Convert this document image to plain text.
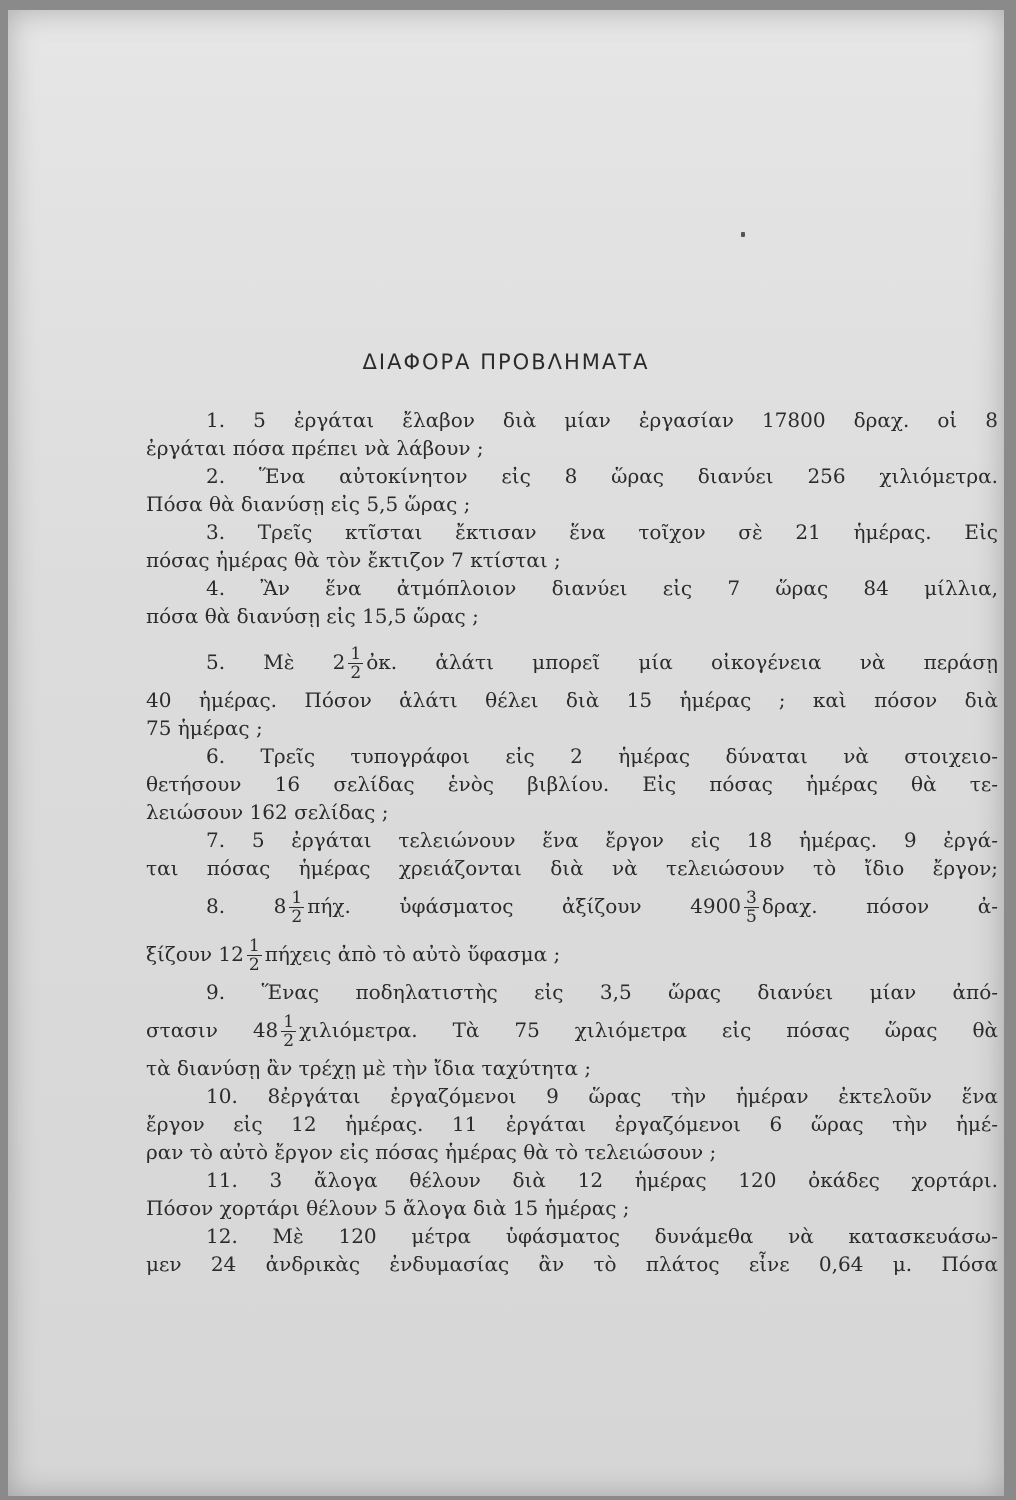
ΔΙΑΦΟΡΑ ΠΡΟΒΛΗΜΑΤΑ
1. 5 ἐργάται ἔλαβον διὰ μίαν ἐργασίαν 17800 δραχ. οἱ 8
ἐργάται πόσα πρέπει νὰ λάβουν ;
2. Ἕνα αὐτοκίνητον εἰς 8 ὥρας διανύει 256 χιλιόμετρα.
Πόσα θὰ διανύσῃ εἰς 5,5 ὥρας ;
3. Τρεῖς κτῖσται ἔκτισαν ἕνα τοῖχον σὲ 21 ἡμέρας. Εἰς
πόσας ἡμέρας θὰ τὸν ἔκτιζον 7 κτίσται ;
4. Ἂν ἕνα ἀτμόπλοιον διανύει εἰς 7 ὥρας 84 μίλλια,
πόσα θὰ διανύσῃ εἰς 15,5 ὥρας ;
5. Μὲ $2 \frac{1}{2}$ ὀκ. ἁλάτι μπορεῖ μία οἰκογένεια νὰ περάσῃ
40 ἡμέρας. Πόσον ἁλάτι θέλει διὰ 15 ἡμέρας ; καὶ πόσον διὰ
75 ἡμέρας ;
6. Τρεῖς τυπογράφοι εἰς 2 ἡμέρας δύναται νὰ στοιχειο-
θετήσουν 16 σελίδας ἑνὸς βιβλίου. Εἰς πόσας ἡμέρας θὰ τε-
λειώσουν 162 σελίδας ;
7. 5 ἐργάται τελειώνουν ἕνα ἔργον εἰς 18 ἡμέρας. 9 ἐργά-
ται πόσας ἡμέρας χρειάζονται διὰ νὰ τελειώσουν τὸ ἴδιο ἔργον;
8. $8 \frac{1}{2} \pi ή\chi$. ὑφάσματος ἀξίζουν $4900 \frac{3}{5} \delta\rho\alpha\chi$. πόσον ἀ-
ξίζουν $12 \frac{1}{2}$ πήχεις ἀπὸ τὸ αὐτὸ ὕφασμα ;
9. Ἕνας ποδηλατιστὴς εἰς 3,5 ὥρας διανύει μίαν ἀπό-
στασιν $48 \frac{1}{2} \chi\iota\lambda\iota ό\mu\varepsilon\tau\rho\alpha$. Τὰ 75 χιλιόμετρα εἰς πόσας ὥρας θὰ
τὰ διανύσῃ ἂν τρέχῃ μὲ τὴν ἴδια ταχύτητα ;
10. 8ἐργάται ἐργαζόμενοι 9 ὥρας τὴν ἡμέραν ἐκτελοῦν ἕνα
ἔργον εἰς 12 ἡμέρας. 11 ἐργάται ἐργαζόμενοι 6 ὥρας τὴν ἡμέ-
ραν τὸ αὐτὸ ἔργον εἰς πόσας ἡμέρας θὰ τὸ τελειώσουν ;
11. 3 ἄλογα θέλουν διὰ 12 ἡμέρας 120 ὀκάδες χορτάρι.
Πόσον χορτάρι θέλουν 5 ἄλογα διὰ 15 ἡμέρας ;
12. Μὲ 120 μέτρα ὑφάσματος δυνάμεθα νὰ κατασκευάσω-
μεν 24 ἀνδρικὰς ἐνδυμασίας ἂν τὸ πλάτος εἶνε 0,64 μ. Πόσα
